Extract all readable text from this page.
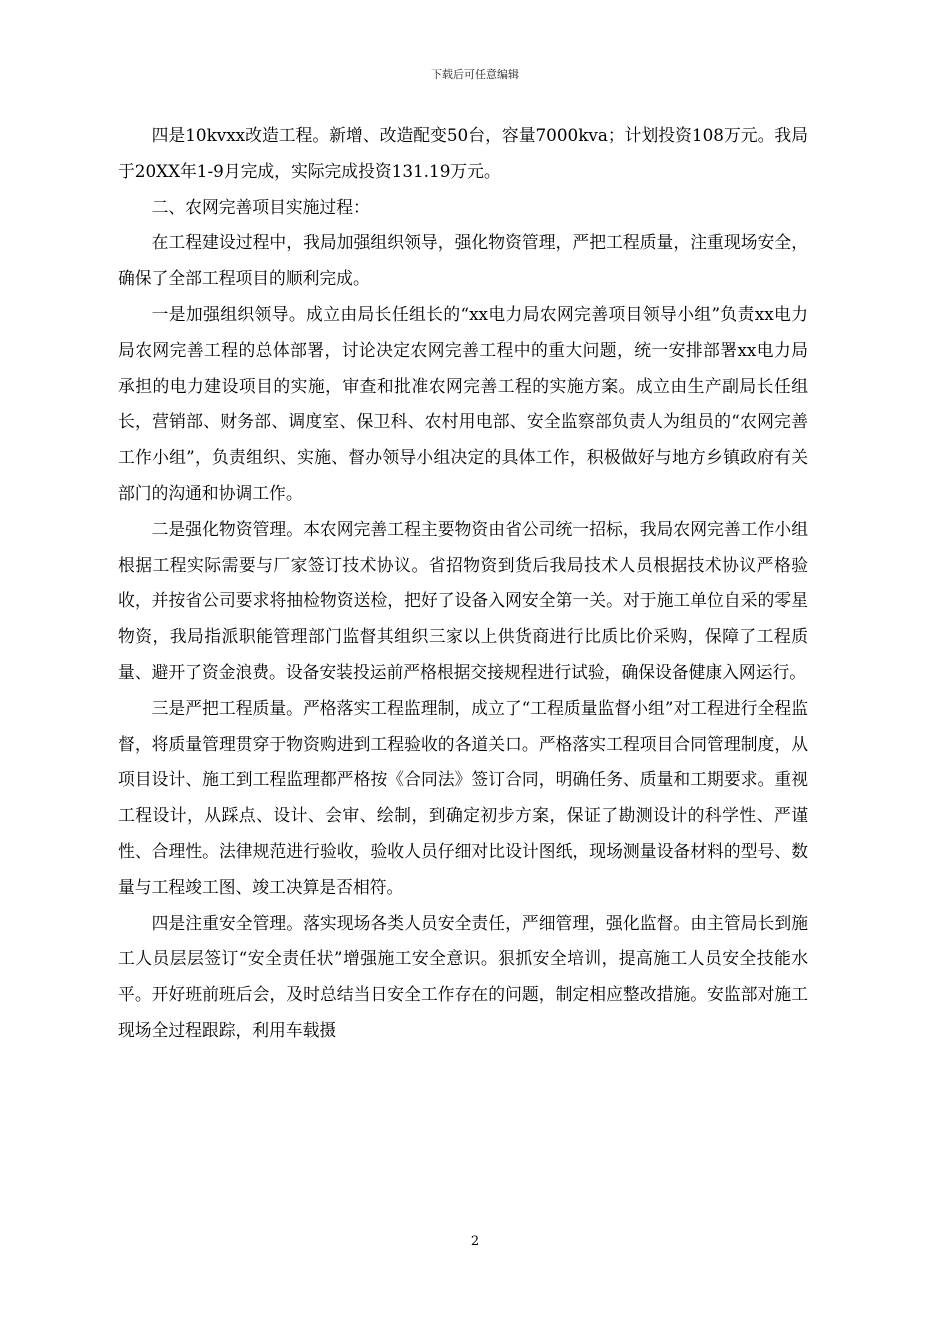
下载后可任意编辑

四是10kvxx改造工程。新增、改造配变50台，容量7000kva；计划投资108万元。我局于20XX年1-9月完成，实际完成投资131.19万元。

二、农网完善项目实施过程：

在工程建设过程中，我局加强组织领导，强化物资管理，严把工程质量，注重现场安全，确保了全部工程项目的顺利完成。

一是加强组织领导。成立由局长任组长的“xx电力局农网完善项目领导小组”负责xx电力局农网完善工程的总体部署，讨论决定农网完善工程中的重大问题，统一安排部署xx电力局承担的电力建设项目的实施，审查和批准农网完善工程的实施方案。成立由生产副局长任组长，营销部、财务部、调度室、保卫科、农村用电部、安全监察部负责人为组员的“农网完善工作小组”，负责组织、实施、督办领导小组决定的具体工作，积极做好与地方乡镇政府有关部门的沟通和协调工作。

二是强化物资管理。本农网完善工程主要物资由省公司统一招标，我局农网完善工作小组根据工程实际需要与厂家签订技术协议。省招物资到货后我局技术人员根据技术协议严格验收，并按省公司要求将抽检物资送检，把好了设备入网安全第一关。对于施工单位自采的零星物资，我局指派职能管理部门监督其组织三家以上供货商进行比质比价采购，保障了工程质量、避开了资金浪费。设备安装投运前严格根据交接规程进行试验，确保设备健康入网运行。

三是严把工程质量。严格落实工程监理制，成立了“工程质量监督小组”对工程进行全程监督，将质量管理贯穿于物资购进到工程验收的各道关口。严格落实工程项目合同管理制度，从项目设计、施工到工程监理都严格按《合同法》签订合同，明确任务、质量和工期要求。重视工程设计，从踩点、设计、会审、绘制，到确定初步方案，保证了勘测设计的科学性、严谨性、合理性。法律规范进行验收，验收人员仔细对比设计图纸，现场测量设备材料的型号、数量与工程竣工图、竣工决算是否相符。

四是注重安全管理。落实现场各类人员安全责任，严细管理，强化监督。由主管局长到施工人员层层签订“安全责任状”增强施工安全意识。狠抓安全培训，提高施工人员安全技能水平。开好班前班后会，及时总结当日安全工作存在的问题，制定相应整改措施。安监部对施工现场全过程跟踪，利用车载摄

2
